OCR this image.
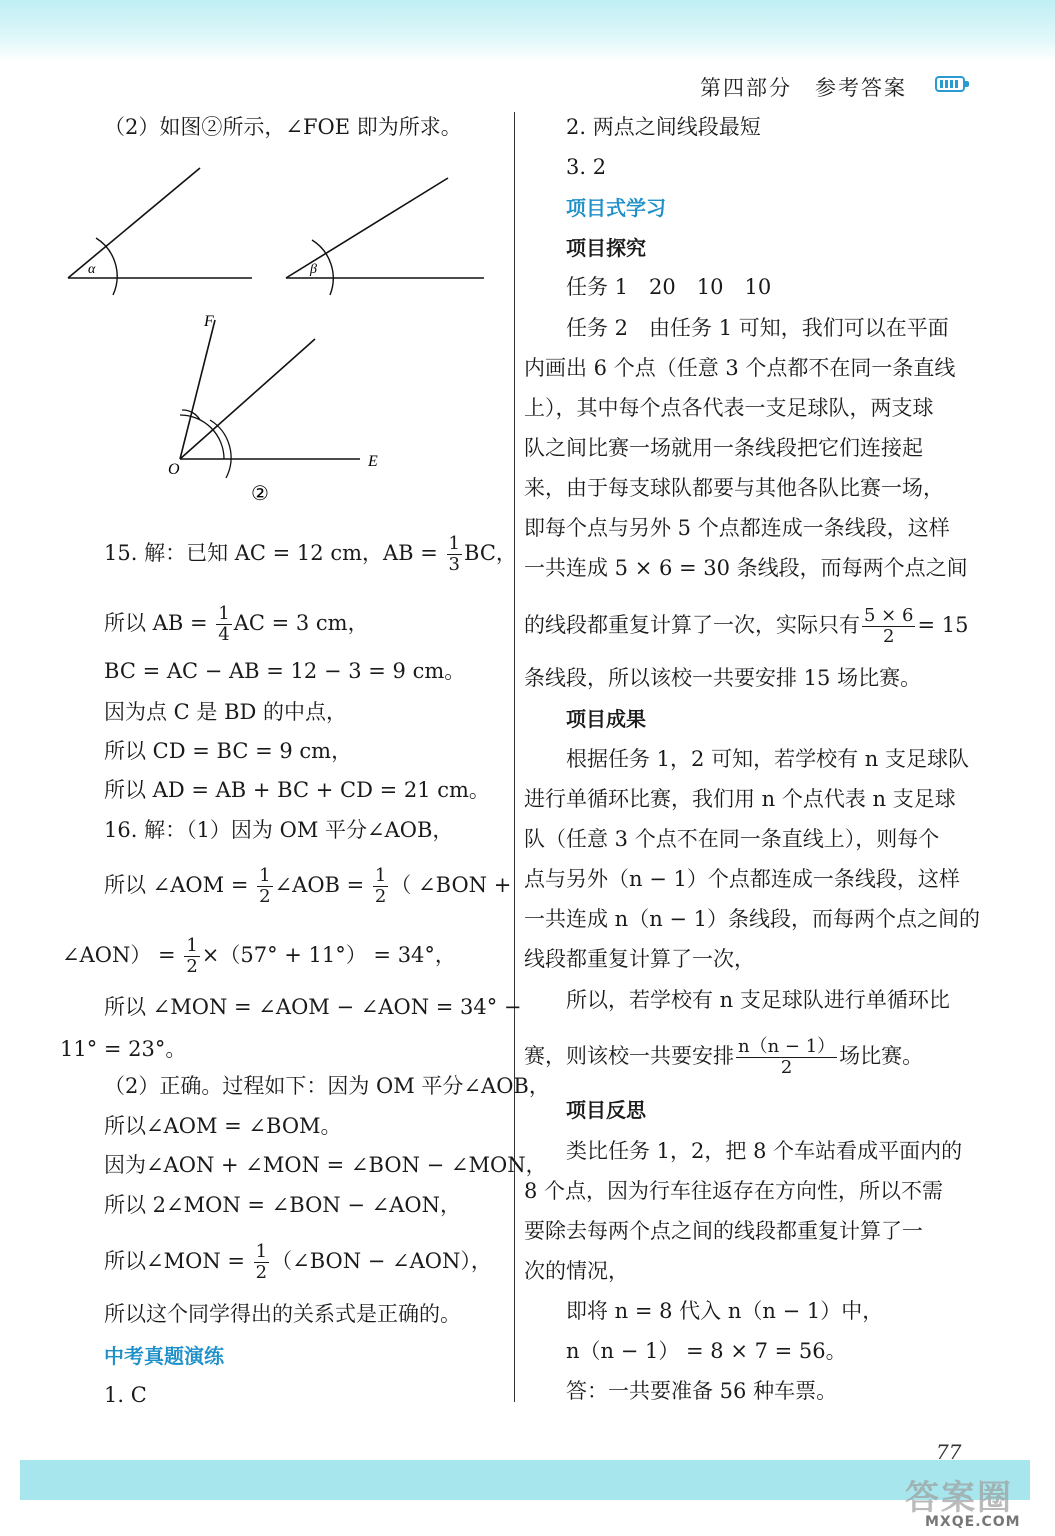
第四部分　参考答案
（2）如图②所示，∠FOE 即为所求。
α	β
F
O	E
②
15. 解：已知 AC = 12 cm，AB = $\frac{1}{3}$ BC，
所以 AB = $\frac{1}{4}$ AC = 3 cm，
BC = AC − AB = 12 − 3 = 9 cm。
因为点 C 是 BD 的中点，
所以 CD = BC = 9 cm，
所以 AD = AB + BC + CD = 21 cm。
16. 解：（1）因为 OM 平分∠AOB，
所以 ∠AOM = $\frac{1}{2}$ ∠AOB = $\frac{1}{2}$ （ ∠BON +
∠AON） = $\frac{1}{2} \times(57^\circ + 11^\circ) = 34^\circ$，
所以 ∠MON = ∠AOM − ∠AON = 34° −
11° = 23°。
（2）正确。过程如下：因为 OM 平分∠AOB，
所以∠AOM = ∠BOM。
因为∠AON + ∠MON = ∠BON − ∠MON，
所以 2∠MON = ∠BON − ∠AON，
所以∠MON = $\frac{1}{2}$ （∠BON − ∠AON），
所以这个同学得出的关系式是正确的。
中考真题演练
1. C
2. 两点之间线段最短
3. 2
项目式学习
项目探究
任务 1　20　10　10
任务 2　由任务 1 可知，我们可以在平面
内画出 6 个点（任意 3 个点都不在同一条直线
上），其中每个点各代表一支足球队，两支球
队之间比赛一场就用一条线段把它们连接起
来，由于每支球队都要与其他各队比赛一场，
即每个点与另外 5 个点都连成一条线段，这样
一共连成 5 × 6 = 30 条线段，而每两个点之间
的线段都重复计算了一次，实际只有 $\frac{5 \times 6}{2} = 15$
条线段，所以该校一共要安排 15 场比赛。
项目成果
根据任务 1，2 可知，若学校有 n 支足球队
进行单循环比赛，我们用 n 个点代表 n 支足球
队（任意 3 个点不在同一条直线上），则每个
点与另外（n − 1）个点都连成一条线段，这样
一共连成 n（n − 1）条线段，而每两个点之间的
线段都重复计算了一次，
所以，若学校有 n 支足球队进行单循环比
赛，则该校一共要安排 $\frac{n(n - 1)}{2}$ 场比赛。
项目反思
类比任务 1，2，把 8 个车站看成平面内的
8 个点，因为行车往返存在方向性，所以不需
要除去每两个点之间的线段都重复计算了一
次的情况，
即将 n = 8 代入 n（n − 1）中，
n（n − 1） = 8 × 7 = 56。
答：一共要准备 56 种车票。
77
答案圈
MXQE.COM
